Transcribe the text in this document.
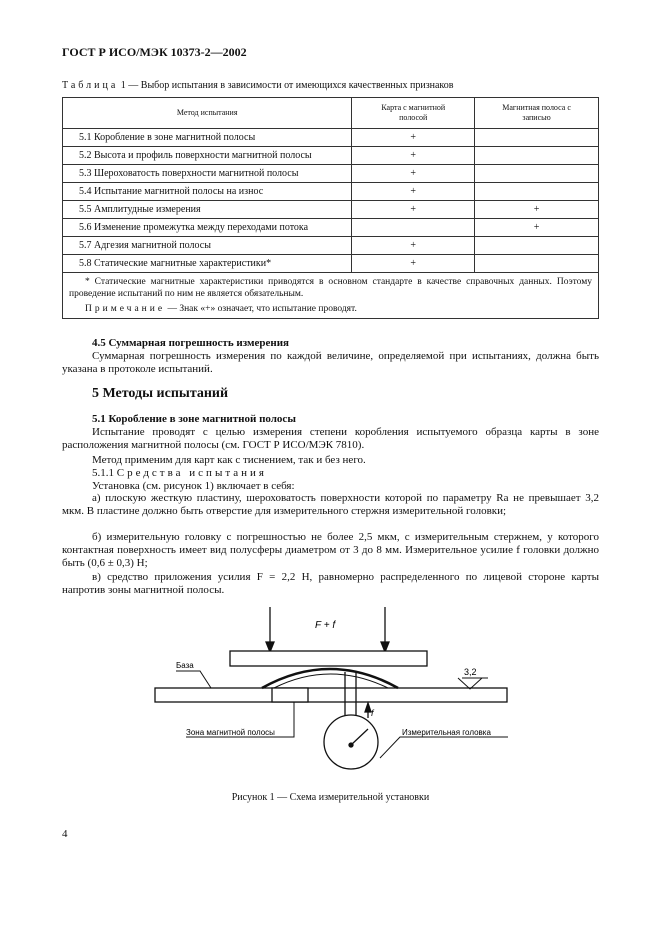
ГОСТ Р ИСО/МЭК 10373-2—2002
Таблица 1 — Выбор испытания в зависимости от имеющихся качественных признаков
Метод испытания	Карта с магнитной полосой	Магнитная полоса с записью
5.1 Коробление в зоне магнитной полосы	+	
5.2 Высота и профиль поверхности магнитной полосы	+	
5.3 Шероховатость поверхности магнитной полосы	+	
5.4 Испытание магнитной полосы на износ	+	
5.5 Амплитудные измерения	+	+
5.6 Изменение промежутка между переходами потока		+
5.7 Адгезия магнитной полосы	+	
5.8 Статические магнитные характеристики*	+	

* Статические магнитные характеристики приводятся в основном стандарте в качестве справочных данных. Поэтому проведение испытаний по ним не является обязательным.
Примечание — Знак «+» означает, что испытание проводят.		
4.5 Суммарная погрешность измерения
Суммарная погрешность измерения по каждой величине, определяемой при испытаниях, должна быть указана в протоколе испытаний.
5 Методы испытаний
5.1 Коробление в зоне магнитной полосы
Испытание проводят с целью измерения степени коробления испытуемого образца карты в зоне расположения магнитной полосы (см. ГОСТ Р ИСО/МЭК 7810).
Метод применим для карт как с тиснением, так и без него.
5.1.1 Средства испытания
Установка (см. рисунок 1) включает в себя:
а) плоскую жесткую пластину, шероховатость поверхности которой по параметру Ra не превышает 3,2 мкм. В пластине должно быть отверстие для измерительного стержня измерительной головки;
б) измерительную головку с погрешностью не более 2,5 мкм, с измерительным стержнем, у которого контактная поверхность имеет вид полусферы диаметром от 3 до 8 мм. Измерительное усилие f головки должно быть (0,6 ± 0,3) Н;
в) средство приложения усилия F = 2,2 Н, равномерно распределенного по лицевой стороне карты напротив зоны магнитной полосы.
F + f
База
3,2
f
Зона магнитной полосы	Измерительная головка
Рисунок 1 — Схема измерительной установки
4
